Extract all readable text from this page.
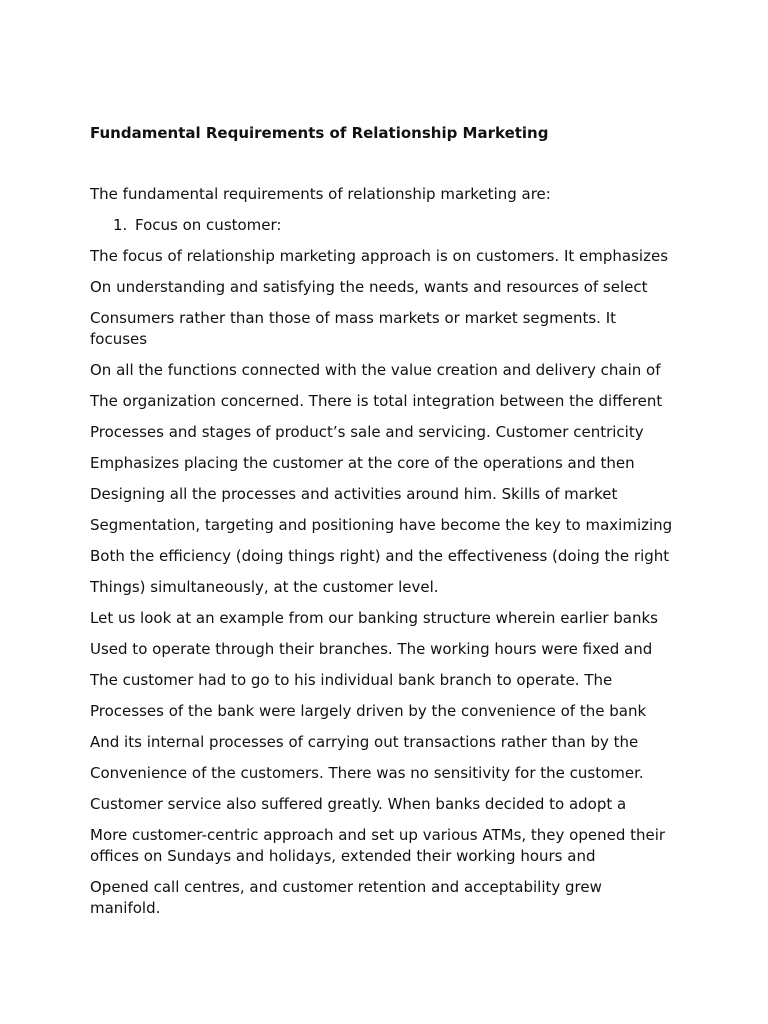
Fundamental Requirements of Relationship Marketing

The fundamental requirements of relationship marketing are:

1. Focus on customer:

The focus of relationship marketing approach is on customers. It emphasizes

On understanding and satisfying the needs, wants and resources of select

Consumers rather than those of mass markets or market segments. It focuses

On all the functions connected with the value creation and delivery chain of

The organization concerned. There is total integration between the different

Processes and stages of product’s sale and servicing. Customer centricity

Emphasizes placing the customer at the core of the operations and then

Designing all the processes and activities around him. Skills of market

Segmentation, targeting and positioning have become the key to maximizing

Both the efficiency (doing things right) and the effectiveness (doing the right

Things) simultaneously, at the customer level.

Let us look at an example from our banking structure wherein earlier banks

Used to operate through their branches. The working hours were fixed and

The customer had to go to his individual bank branch to operate. The

Processes of the bank were largely driven by the convenience of the bank

And its internal processes of carrying out transactions rather than by the

Convenience of the customers. There was no sensitivity for the customer.

Customer service also suffered greatly. When banks decided to adopt a

More customer-centric approach and set up various ATMs, they opened their offices on Sundays and holidays, extended their working hours and

Opened call centres, and customer retention and acceptability grew manifold.
